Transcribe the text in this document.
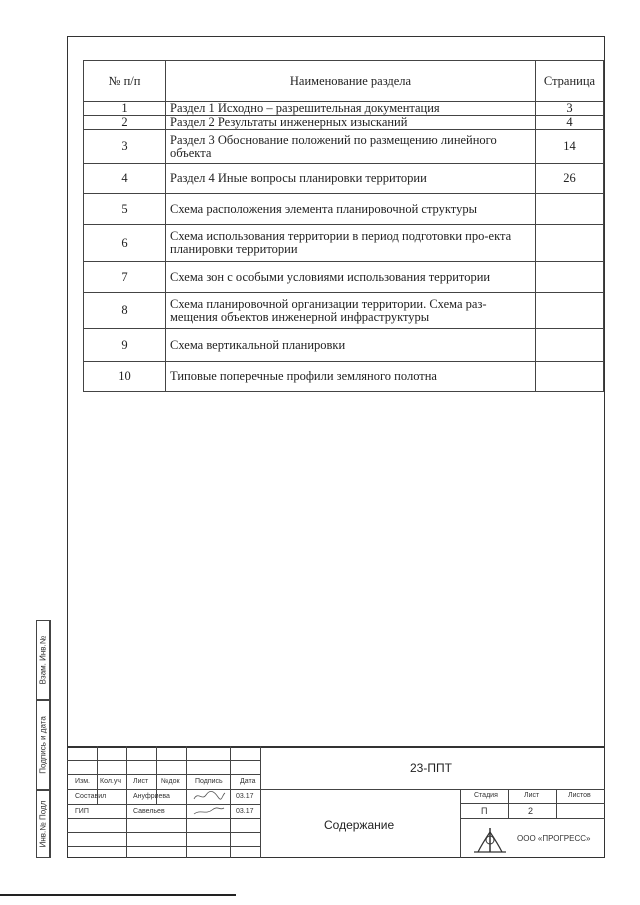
№ п/п	Наименование раздела	Страница
1	Раздел 1 Исходно – разрешительная документация	3
2	Раздел 2 Результаты инженерных изысканий	4
3	Раздел 3 Обоснование положений по размещению линейного объекта	14
4	Раздел 4 Иные вопросы планировки территории	26
5	Схема расположения элемента планировочной структуры	
6	Схема использования территории в период подготовки про-екта планировки территории	
7	Схема зон с особыми условиями использования территории	
8	Схема планировочной организации территории. Схема раз-мещения объектов инженерной инфраструктуры	
9	Схема вертикальной планировки	
10	Типовые поперечные профили земляного полотна	
Взам. Инв.№
Подпись и дата
Инв.№ Подл
Изм. Кол.уч Лист №док Подпись Дата
Составил	Ануфриева	03.17
ГИП	Савельев	03.17
23-ППТ
Содержание
Стадия	Лист	Листов
П	2
ООО «ПРОГРЕСС»
